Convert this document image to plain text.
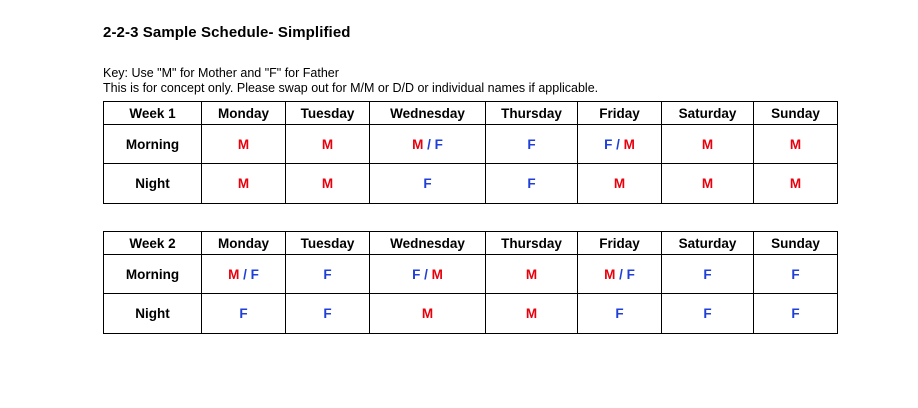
2-2-3 Sample Schedule- Simplified
Key: Use "M" for Mother and "F" for Father
This is for concept only. Please swap out for M/M or D/D or individual names if applicable.
Week 1	Monday	Tuesday	Wednesday	Thursday	Friday	Saturday	Sunday
Morning	M	M	M / F	F	F / M	M	M
Night	M	M	F	F	M	M	M
Week 2	Monday	Tuesday	Wednesday	Thursday	Friday	Saturday	Sunday
Morning	M / F	F	F / M	M	M / F	F	F
Night	F	F	M	M	F	F	F
